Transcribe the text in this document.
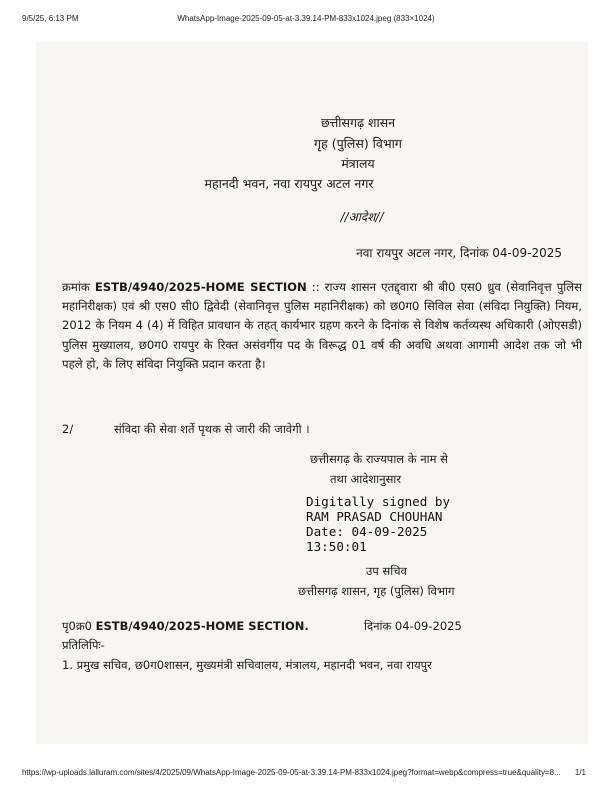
9/5/25, 6:13 PM	WhatsApp-Image-2025-09-05-at-3.39.14-PM-833x1024.jpeg (833×1024)
छत्तीसगढ़ शासन
गृह (पुलिस) विभाग
मंत्रालय
महानदी भवन, नवा रायपुर अटल नगर
//आदेश//
नवा रायपुर अटल नगर, दिनांक 04-09-2025
क्रमांक ESTB/4940/2025-HOME SECTION :: राज्य शासन एतद्द्वारा श्री बी0 एस0 ध्रुव (सेवानिवृत्त पुलिस महानिरीक्षक) एवं श्री एस0 सी0 द्विवेदी (सेवानिवृत्त पुलिस महानिरीक्षक) को छ0ग0 सिविल सेवा (संविदा नियुक्ति) नियम, 2012 के नियम 4 (4) में विहित प्रावधान के तहत् कार्यभार ग्रहण करने के दिनांक से विशेष कर्तव्यस्थ अधिकारी (ओएसडी) पुलिस मुख्यालय, छ0ग0 रायपुर के रिक्त असंवर्गीय पद के विरूद्ध 01 वर्ष की अवधि अथवा आगामी आदेश तक जो भी पहले हो, के लिए संविदा नियुक्ति प्रदान करता है।
2/	संविदा की सेवा शर्ते पृथक से जारी की जावेगी ।
छत्तीसगढ़ के राज्यपाल के नाम से
तथा आदेशानुसार
Digitally signed by
RAM PRASAD CHOUHAN
Date: 04-09-2025
13:50:01
उप सचिव
छत्तीसगढ़ शासन, गृह (पुलिस) विभाग
पृ0क्र0 ESTB/4940/2025-HOME SECTION.	दिनांक 04-09-2025
प्रतिलिपिः-
1. प्रमुख सचिव, छ0ग0शासन, मुख्यमंत्री सचिवालय, मंत्रालय, महानदी भवन, नवा रायपुर
https://wp-uploads.lalluram.com/sites/4/2025/09/WhatsApp-Image-2025-09-05-at-3.39.14-PM-833x1024.jpeg?format=webp&compress=true&quality=8... 1/1
